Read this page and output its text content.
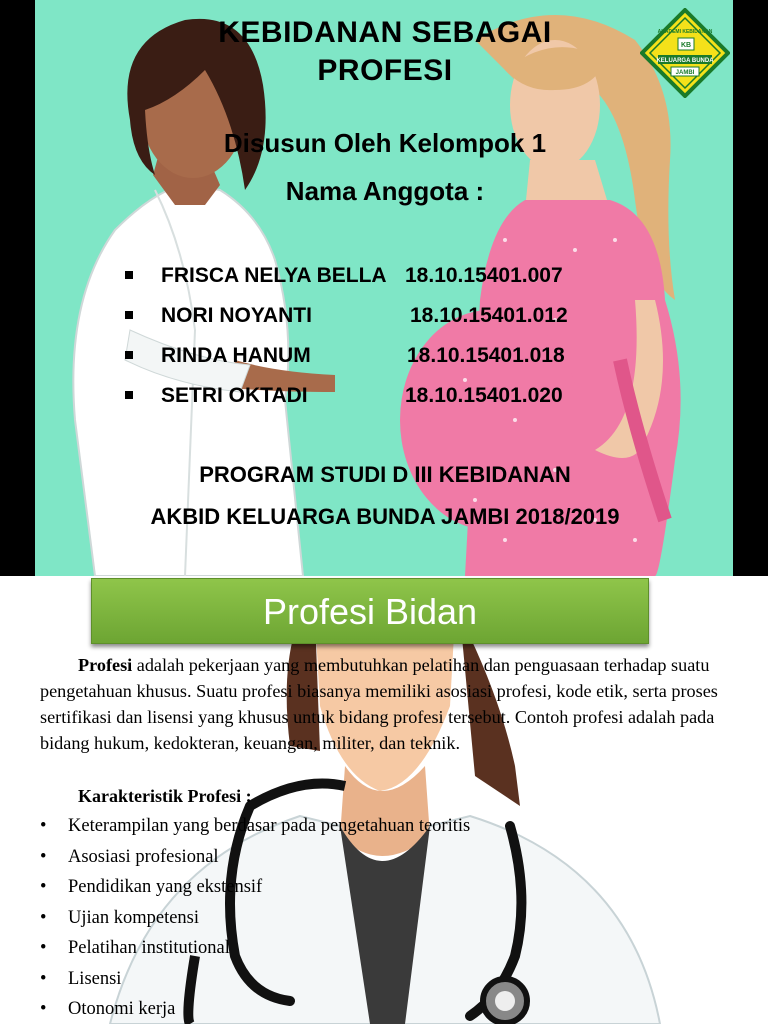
KEBIDANAN SEBAGAI
PROFESI
Disusun Oleh Kelompok 1
Nama Anggota :
FRISCA NELYA BELLA 18.10.15401.007
NORI NOYANTI	18.10.15401.012
RINDA HANUM	18.10.15401.018
SETRI OKTADI	18.10.15401.020
PROGRAM STUDI D III KEBIDANAN
AKBID KELUARGA BUNDA JAMBI 2018/2019
KB
AKADEMI KEBIDANAN
KELUARGA BUNDA
JAMBI
Profesi Bidan

Profesi adalah pekerjaan yang membutuhkan pelatihan dan penguasaan terhadap suatu pengetahuan khusus. Suatu profesi biasanya memiliki asosiasi profesi, kode etik, serta proses sertifikasi dan lisensi yang khusus untuk bidang profesi tersebut. Contoh profesi adalah pada bidang hukum, kedokteran, keuangan, militer, dan teknik.

Karakteristik Profesi :
• Keterampilan yang berdasar pada pengetahuan teoritis
• Asosiasi profesional
• Pendidikan yang ekstensif
• Ujian kompetensi
• Pelatihan institutional
• Lisensi
• Otonomi kerja
